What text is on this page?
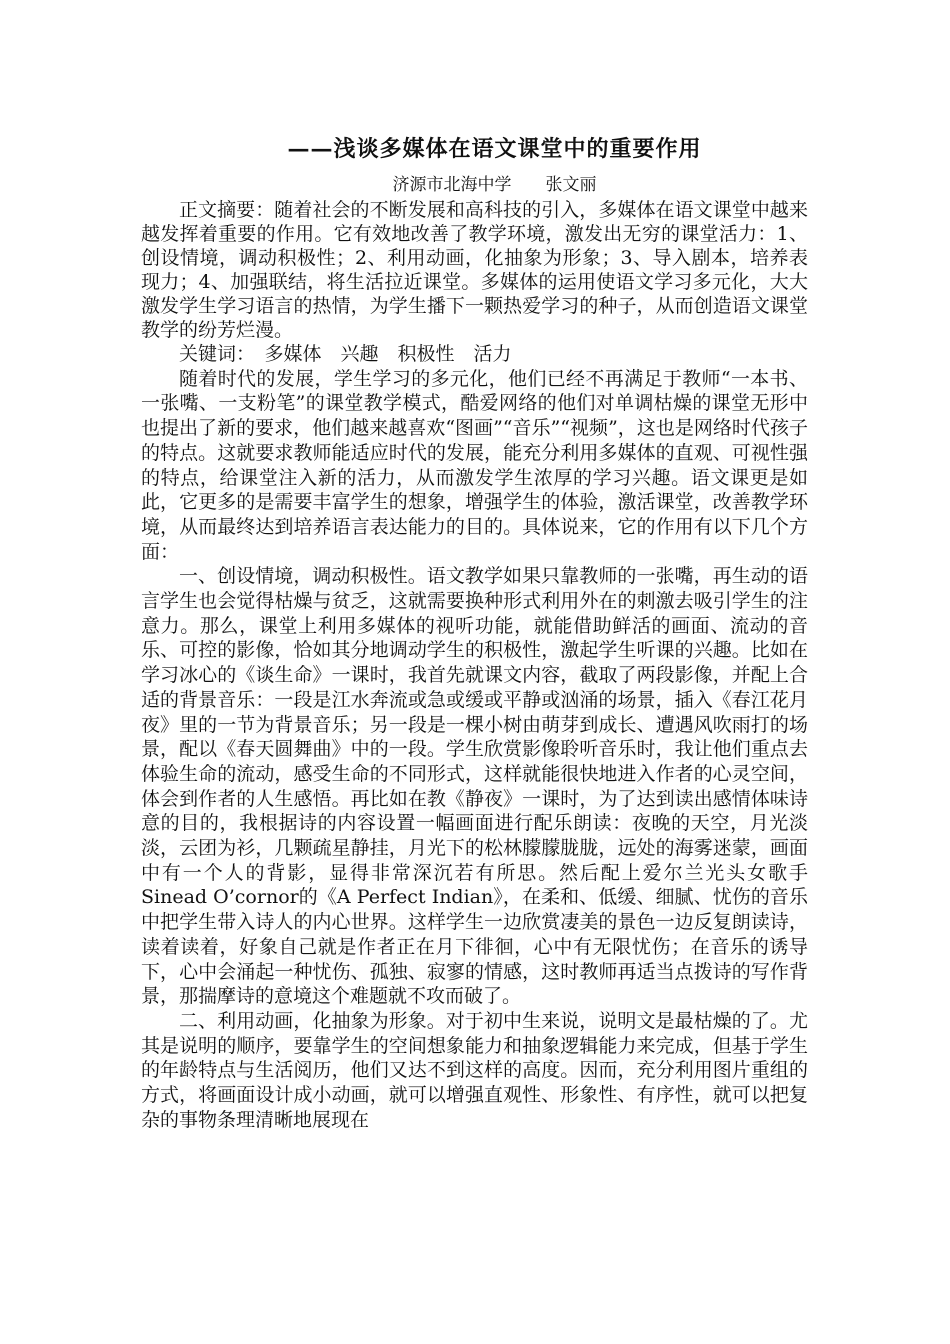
——浅谈多媒体在语文课堂中的重要作用

济源市北海中学　　张文丽

正文摘要：随着社会的不断发展和高科技的引入，多媒体在语文课堂中越来越发挥着重要的作用。它有效地改善了教学环境，激发出无穷的课堂活力：1、创设情境，调动积极性；2、利用动画，化抽象为形象；3、导入剧本，培养表现力；4、加强联结，将生活拉近课堂。多媒体的运用使语文学习多元化，大大激发学生学习语言的热情，为学生播下一颗热爱学习的种子，从而创造语文课堂教学的纷芳烂漫。

关键词：　多媒体　兴趣　积极性　活力

随着时代的发展，学生学习的多元化，他们已经不再满足于教师“一本书、一张嘴、一支粉笔”的课堂教学模式，酷爱网络的他们对单调枯燥的课堂无形中也提出了新的要求，他们越来越喜欢“图画”“音乐”“视频”，这也是网络时代孩子的特点。这就要求教师能适应时代的发展，能充分利用多媒体的直观、可视性强的特点，给课堂注入新的活力，从而激发学生浓厚的学习兴趣。语文课更是如此，它更多的是需要丰富学生的想象，增强学生的体验，激活课堂，改善教学环境，从而最终达到培养语言表达能力的目的。具体说来，它的作用有以下几个方面：

一、创设情境，调动积极性。语文教学如果只靠教师的一张嘴，再生动的语言学生也会觉得枯燥与贫乏，这就需要换种形式利用外在的刺激去吸引学生的注意力。那么，课堂上利用多媒体的视听功能，就能借助鲜活的画面、流动的音乐、可控的影像，恰如其分地调动学生的积极性，激起学生听课的兴趣。比如在学习冰心的《谈生命》一课时，我首先就课文内容，截取了两段影像，并配上合适的背景音乐：一段是江水奔流或急或缓或平静或汹涌的场景，插入《春江花月夜》里的一节为背景音乐；另一段是一棵小树由萌芽到成长、遭遇风吹雨打的场景，配以《春天圆舞曲》中的一段。学生欣赏影像聆听音乐时，我让他们重点去体验生命的流动，感受生命的不同形式，这样就能很快地进入作者的心灵空间，体会到作者的人生感悟。再比如在教《静夜》一课时，为了达到读出感情体味诗意的目的，我根据诗的内容设置一幅画面进行配乐朗读：夜晚的天空，月光淡淡，云团为衫，几颗疏星静挂，月光下的松林朦朦胧胧，远处的海雾迷蒙，画面中有一个人的背影，显得非常深沉若有所思。然后配上爱尔兰光头女歌手Sinead O’cornor的《A Perfect Indian》，在柔和、低缓、细腻、忧伤的音乐中把学生带入诗人的内心世界。这样学生一边欣赏凄美的景色一边反复朗读诗，读着读着，好象自己就是作者正在月下徘徊，心中有无限忧伤；在音乐的诱导下，心中会涌起一种忧伤、孤独、寂寥的情感，这时教师再适当点拨诗的写作背景，那揣摩诗的意境这个难题就不攻而破了。

二、利用动画，化抽象为形象。对于初中生来说，说明文是最枯燥的了。尤其是说明的顺序，要靠学生的空间想象能力和抽象逻辑能力来完成，但基于学生的年龄特点与生活阅历，他们又达不到这样的高度。因而，充分利用图片重组的方式，将画面设计成小动画，就可以增强直观性、形象性、有序性，就可以把复杂的事物条理清晰地展现在
